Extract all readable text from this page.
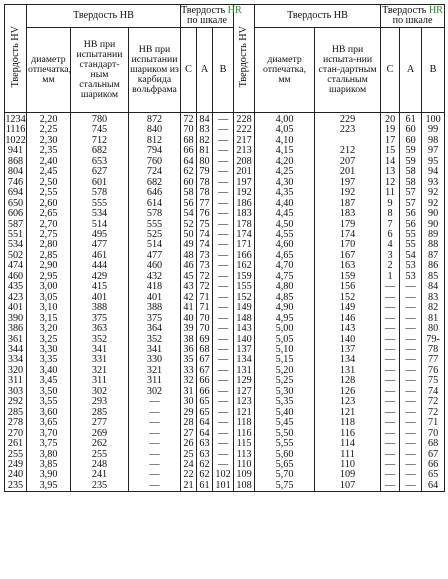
Твердость HV	Твердость НВ			Твердость HR
по шкале			Твердость HV	Твердость НВ		Твердость HR
по шкале		
	диаметр отпечатка, мм	НВ при испытании стандарт-ным стальным шариком	НВ при испытании шариком из карбида вольфрама	С	А	В		диаметр отпечатка, мм	НВ при испыта-нии стан-дартным стальным шариком	С	А	В
1234	2,20	780	872	72	84	—	228	4,00	229	20	61	100
1116	2,25	745	840	70	83	—	222	4,05	223	19	60	99
1022	2,30	712	812	68	82	—	217	4,10		17	60	98
941	2,35	682	794	66	81	—	213	4,15	212	15	59	97
868	2,40	653	760	64	80	—	208	4,20	207	14	59	95
804	2,45	627	724	62	79	—	201	4,25	201	13	58	94
746	2,50	601	682	60	78	—	197	4,30	197	12	58	93
694	2,55	578	646	58	78	—	192	4,35	192	11	57	92
650	2,60	555	614	56	77	—	186	4,40	187	9	57	92
606	2,65	534	578	54	76	—	183	4,45	183	8	56	90
587	2,70	514	555	52	75	—	178	4,50	179	7	56	90
551	2,75	495	525	50	74	—	174	4,55	174	6	55	89
534	2,80	477	514	49	74	—	171	4,60	170	4	55	88
502	2,85	461	477	48	73	—	166	4,65	167	3	54	87
474	2,90	444	460	46	73	—	162	4,70	163	2	53	86
460	2,95	429	432	45	72	—	159	4,75	159	1	53	85
435	3,00	415	418	43	72	—	155	4,80	156	—	—	84
423	3,05	401	401	42	71	—	152	4,85	152	—	—	83
401	3,10	388	388	41	71	—	149	4,90	149	—	—	82
390	3,15	375	375	40	70	—	148	4,95	146	—	—	81
386	3,20	363	364	39	70	—	143	5,00	143	—	—	80
361	3,25	352	352	38	69	—	140	5,05	140	—	—	79-
344	3,30	341	341	36	68	—	137	5,10	137	—	—	78
334	3,35	331	330	35	67	—	134	5,15	134	—	—	77
320	3,40	321	321	33	67	—	131	5,20	131	—	—	76
311	3,45	311	311	32	66	—	129	5,25	128	—	—	75
303	3,50	302	302	31	66	—	127	5,30	126	—	—	74
292	3,55	293	—	30	65	—	123	5,35	123	—	—	72
285	3,60	285	—	29	65	—	121	5,40	121	—	—	72
278	3,65	277	—	28	64	—	118	5,45	118	—	—	71
270	3,70	269	—	27	64	—	116	5,50	116	—	—	70
261	3,75	262	—	26	63	—	115	5,55	114	—	—	68
255	3,80	255	—	25	63	—	113	5,60	111	—	—	67
249	3,85	248	—	24	62	—	110	5,65	110	—	—	66
240	3,90	241	—	22	62	102	109	5,70	109	—	—	65
235	3,95	235	—	21	61	101	108	5,75	107	—	—	64
